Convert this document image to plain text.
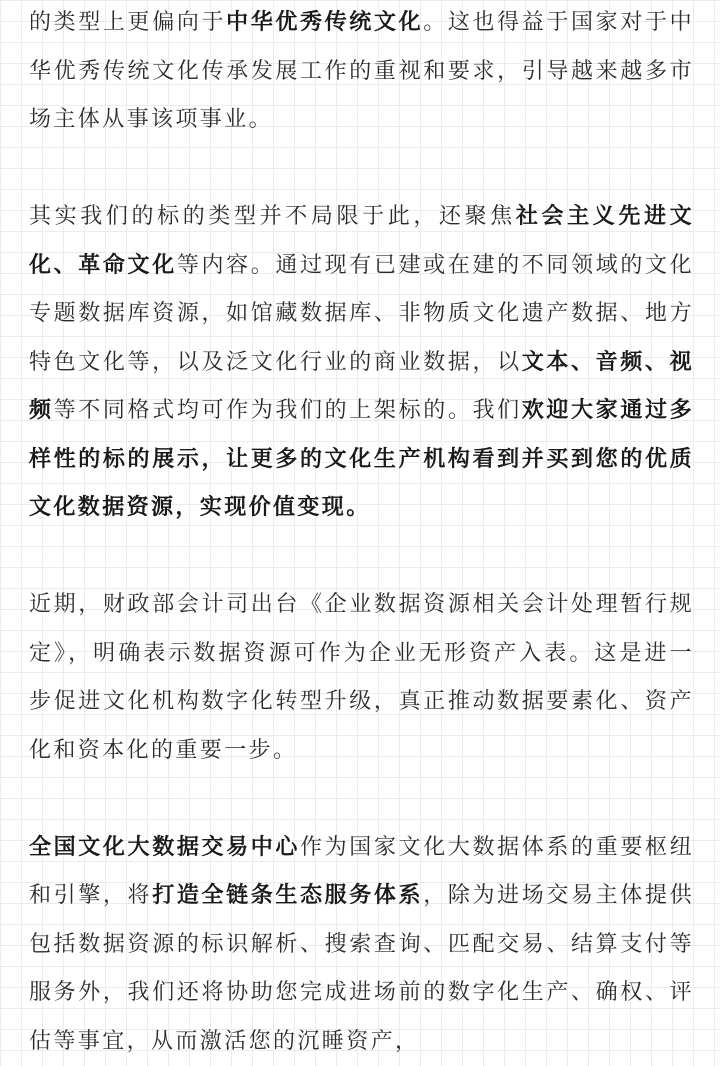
的类型上更偏向于中华优秀传统文化。这也得益于国家对于中华优秀传统文化传承发展工作的重视和要求，引导越来越多市场主体从事该项事业。

其实我们的标的类型并不局限于此，还聚焦社会主义先进文化、革命文化等内容。通过现有已建或在建的不同领域的文化专题数据库资源，如馆藏数据库、非物质文化遗产数据、地方特色文化等，以及泛文化行业的商业数据，以文本、音频、视频等不同格式均可作为我们的上架标的。我们欢迎大家通过多样性的标的展示，让更多的文化生产机构看到并买到您的优质文化数据资源，实现价值变现。

近期，财政部会计司出台《企业数据资源相关会计处理暂行规定》，明确表示数据资源可作为企业无形资产入表。这是进一步促进文化机构数字化转型升级，真正推动数据要素化、资产化和资本化的重要一步。

全国文化大数据交易中心作为国家文化大数据体系的重要枢纽和引擎，将打造全链条生态服务体系，除为进场交易主体提供包括数据资源的标识解析、搜索查询、匹配交易、结算支付等服务外，我们还将协助您完成进场前的数字化生产、确权、评估等事宜，从而激活您的沉睡资产，
